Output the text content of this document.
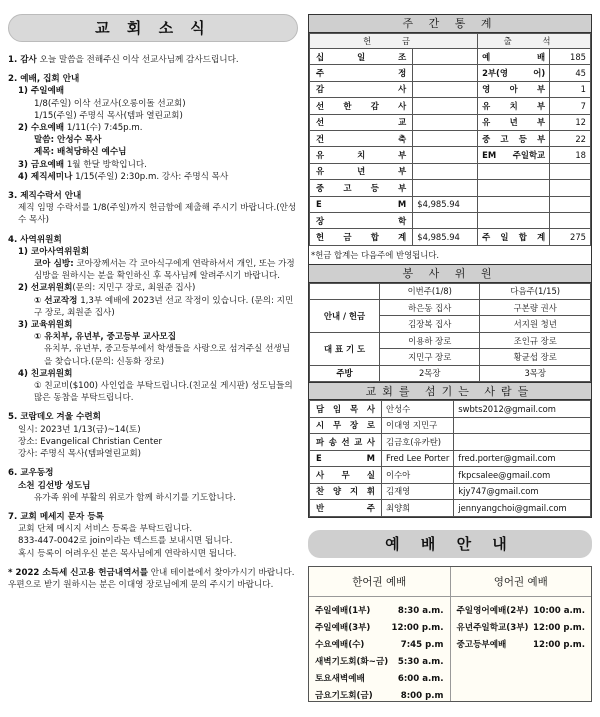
교 회 소 식
1. 감사 오늘 말씀을 전해주신 이삭 선교사님께 감사드립니다.
2. 예배, 집회 안내
1) 주일예배
1/8(주일) 이삭 선교사(오롱이돌 선교회)
1/15(주일) 주명식 목사(템파 열린교회)
2) 수요예배 1/11(수) 7:45p.m.
말씀: 안성수 목사
제목: 배척당하신 예수님
3) 금요예배 1월 한달 방학입니다.
4) 제직세미나 1/15(주일) 2:30p.m. 강사: 주명식 목사
3. 제직수락서 안내
제직 임명 수락서를 1/8(주일)까지 헌금함에 제출해 주시기 바랍니다.(안성수 목사)
4. 사역위원회
1) 코아사역위원회
코아 심방: 코아장께서는 각 코아식구에게 연락하셔서 개인, 또는 가정 심방을 원하시는 분을 확인하신 후 목사님께 알려주시기 바랍니다.
2) 선교위원회(문의: 지민구 장로, 최원준 집사)
① 선교작정 1,3부 예배에 2023년 선교 작정이 있습니다. (문의: 지민구 장로, 최원준 집사)
3) 교육위원회
① 유치부, 유년부, 중고등부 교사모집
유치부, 유년부, 중고등부에서 학생들을 사랑으로 섬겨주실 선생님을 찾습니다.(문의: 신동화 장로)
4) 친교위원회
① 친교비($100) 사인업을 부탁드립니다.(친교실 게시판) 성도님들의 많은 동참을 부탁드립니다.
5. 코람데오 겨울 수련회
일시: 2023년 1/13(금)~14(토)
장소: Evangelical Christian Center
강사: 주명식 목사(템파열린교회)
6. 교우동정
소천 김선방 성도님
유가족 위에 부활의 위로가 함께 하시기를 기도합니다.
7. 교회 메세지 문자 등록
교회 단체 메시지 서비스 등록을 부탁드립니다.
833-447-0042로 join이라는 텍스트를 보내시면 됩니다.
혹시 등록이 어려우신 분은 목사님에게 연락하시면 됩니다.
* 2022 소득세 신고용 헌금내역서를 안내 테이블에서 찾아가시기 바랍니다. 우편으로 받기 원하시는 분은 이대영 장로님에게 문의 주시기 바랍니다.
주 간 통 계
헌 금		출 석	
십 일 조		예 배	185
주 정		2부(영 어)	45
감 사		영 아 부	1
선 한 감 사		유 치 부	7
선 교		유 년 부	12
건 축		중 고 등 부	22
유 치 부		EM 주일학교	18
유 년 부			
중 고 등 부			
E M	$4,985.94		
장 학			
헌 금 합 계	$4,985.94	주 일 합 계	275
*헌금 합계는 다음주에 반영됩니다.
봉 사 위 원
	이번주(1/8)	다음주(1/15)
안내 / 헌금	하은동 집사	구본량 권사
	김장복 집사	서지원 청년
대 표 기 도	이용하 장로	조인규 장로
	지민구 장로	황균섭 장로
주방	2목장	3목장
교회를 섬기는 사람들
담 임 목 사	안성수	swbts2012@gmail.com
시 무 장 로	이대영 지민구	
파 송 선 교 사	김금호(유카탄)	
E M	Fred Lee Porter	fred.porter@gmail.com
사 무 실	이수아	fkpcsalee@gmail.com
찬 양 지 휘	김재영	kjy747@gmail.com
반 주	최양희	jennyangchoi@gmail.com
예 배 안 내
한어권 예배
주일예배(1부)	8:30 a.m.
주일예배(3부) 12:00 p.m.
수요예배(수)	7:45 p.m
새벽기도회(화~금) 5:30 a.m.
토요새벽예배	6:00 a.m.
금요기도회(금)	8:00 p.m
영어권 예배
주일영어예배(2부) 10:00 a.m.
유년주일학교(3부) 12:00 p.m.
중고등부예배	12:00 p.m.
